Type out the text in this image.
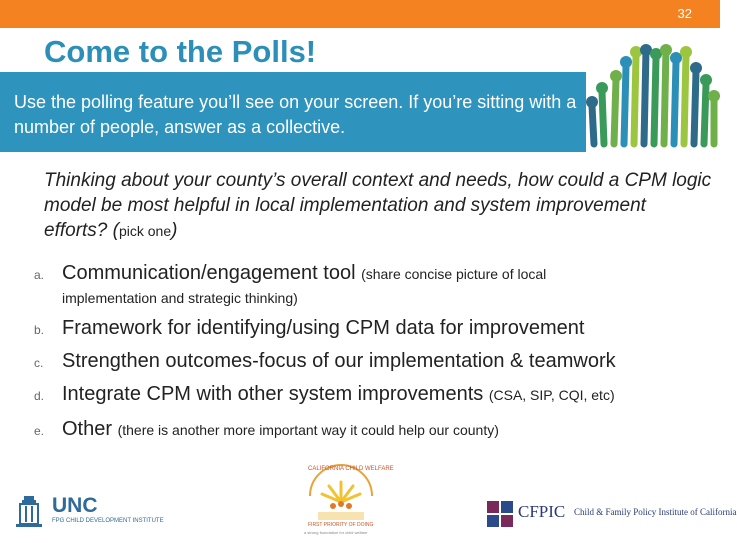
32
Come to the Polls!
Use the polling feature you’ll see on your screen. If you’re sitting with a number of people, answer as a collective.
Thinking about your county’s overall context and needs, how could a CPM logic model be most helpful in local implementation and system improvement efforts? (pick one)
a. Communication/engagement tool (share concise picture of local
implementation and strategic thinking)
b. Framework for identifying/using CPM data for improvement
c. Strengthen outcomes-focus of our implementation & teamwork
d. Integrate CPM with other system improvements (CSA, SIP, CQI, etc)
e. Other (there is another more important way it could help our county)
UNC
FPG CHILD DEVELOPMENT INSTITUTE
CALIFORNIA CHILD WELFARE
FIRST PRIORITY OF DOING
a strong foundation for child welfare
CFPIC Child & Family Policy Institute of California
